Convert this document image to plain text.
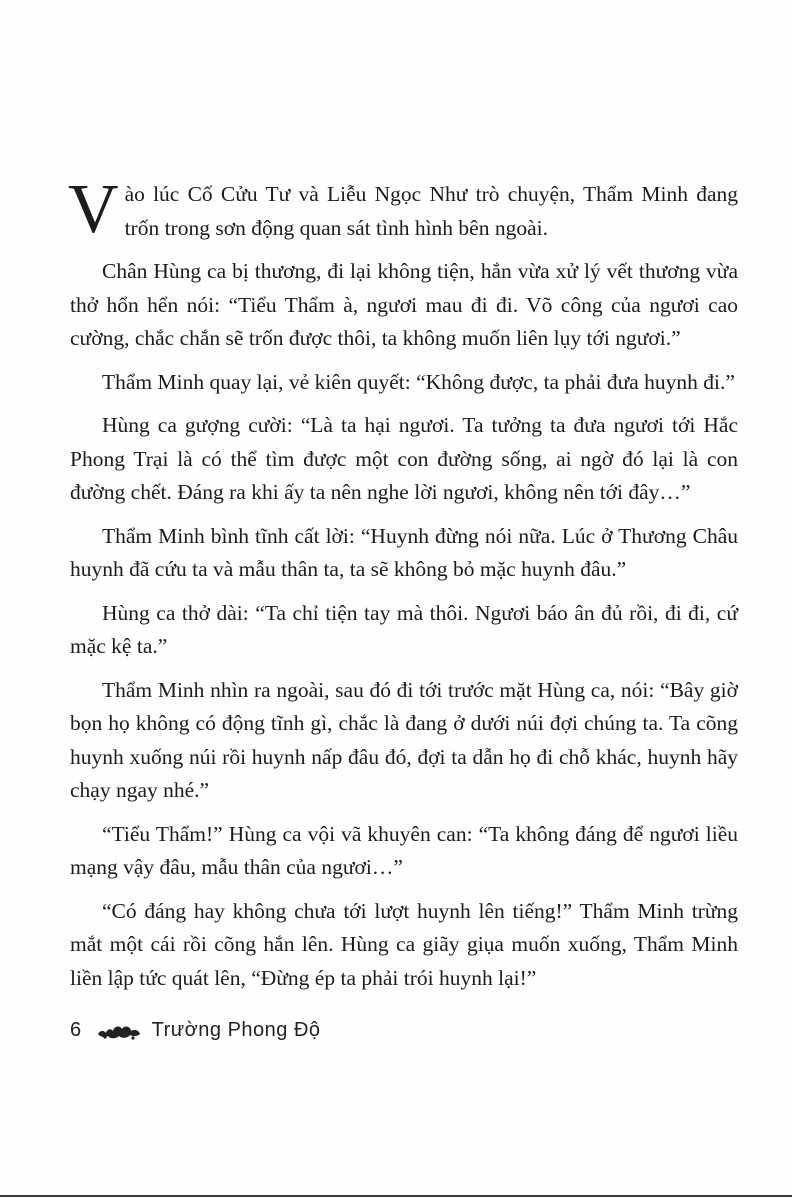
Vào lúc Cố Cửu Tư và Liễu Ngọc Như trò chuyện, Thẩm Minh đang trốn trong sơn động quan sát tình hình bên ngoài.

Chân Hùng ca bị thương, đi lại không tiện, hắn vừa xử lý vết thương vừa thở hổn hển nói: “Tiểu Thẩm à, ngươi mau đi đi. Võ công của ngươi cao cường, chắc chắn sẽ trốn được thôi, ta không muốn liên lụy tới ngươi.”

Thẩm Minh quay lại, vẻ kiên quyết: “Không được, ta phải đưa huynh đi.”

Hùng ca gượng cười: “Là ta hại ngươi. Ta tưởng ta đưa ngươi tới Hắc Phong Trại là có thể tìm được một con đường sống, ai ngờ đó lại là con đường chết. Đáng ra khi ấy ta nên nghe lời ngươi, không nên tới đây…”

Thẩm Minh bình tĩnh cất lời: “Huynh đừng nói nữa. Lúc ở Thương Châu huynh đã cứu ta và mẫu thân ta, ta sẽ không bỏ mặc huynh đâu.”

Hùng ca thở dài: “Ta chỉ tiện tay mà thôi. Ngươi báo ân đủ rồi, đi đi, cứ mặc kệ ta.”

Thẩm Minh nhìn ra ngoài, sau đó đi tới trước mặt Hùng ca, nói: “Bây giờ bọn họ không có động tĩnh gì, chắc là đang ở dưới núi đợi chúng ta. Ta cõng huynh xuống núi rồi huynh nấp đâu đó, đợi ta dẫn họ đi chỗ khác, huynh hãy chạy ngay nhé.”

“Tiểu Thẩm!” Hùng ca vội vã khuyên can: “Ta không đáng để ngươi liều mạng vậy đâu, mẫu thân của ngươi…”

“Có đáng hay không chưa tới lượt huynh lên tiếng!” Thẩm Minh trừng mắt một cái rồi cõng hắn lên. Hùng ca giãy giụa muốn xuống, Thẩm Minh liền lập tức quát lên, “Đừng ép ta phải trói huynh lại!”

6	Trường Phong Độ
